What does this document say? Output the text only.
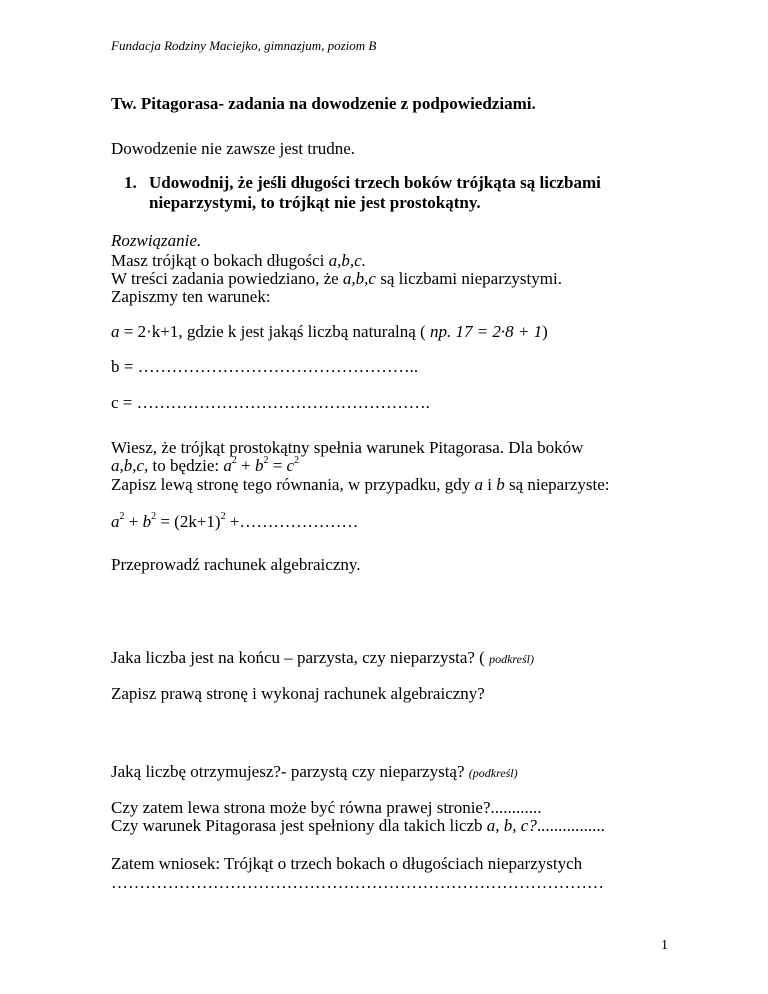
Fundacja Rodziny Maciejko, gimnazjum, poziom B
Tw. Pitagorasa- zadania na dowodzenie z podpowiedziami.
Dowodzenie nie zawsze jest trudne.
1. Udowodnij, że jeśli długości trzech boków trójkąta są liczbami
nieparzystymi, to trójkąt nie jest prostokątny.
Rozwiązanie.
Masz trójkąt o bokach długości a,b,c.
W treści zadania powiedziano, że a,b,c są liczbami nieparzystymi.
Zapiszmy ten warunek:
a = 2·k+1, gdzie k jest jakąś liczbą naturalną ( np. 17 = 2·8 + 1)
b = …………………………………………..
c = …………………………………………….
Wiesz, że trójkąt prostokątny spełnia warunek Pitagorasa. Dla boków
a,b,c, to będzie: $a^2 + b^2 = c^2$
Zapisz lewą stronę tego równania, w przypadku, gdy a i b są nieparzyste:
$a^2 + b^2 = (2k+1)^2$ +…………………
Przeprowadź rachunek algebraiczny.
Jaka liczba jest na końcu – parzysta, czy nieparzysta? ( podkreśl)
Zapisz prawą stronę i wykonaj rachunek algebraiczny?
Jaką liczbę otrzymujesz?- parzystą czy nieparzystą? (podkreśl)
Czy zatem lewa strona może być równa prawej stronie?............
Czy warunek Pitagorasa jest spełniony dla takich liczb a, b, c?................
Zatem wniosek: Trójkąt o trzech bokach o długościach nieparzystych
……………………………………………………………………………
1
